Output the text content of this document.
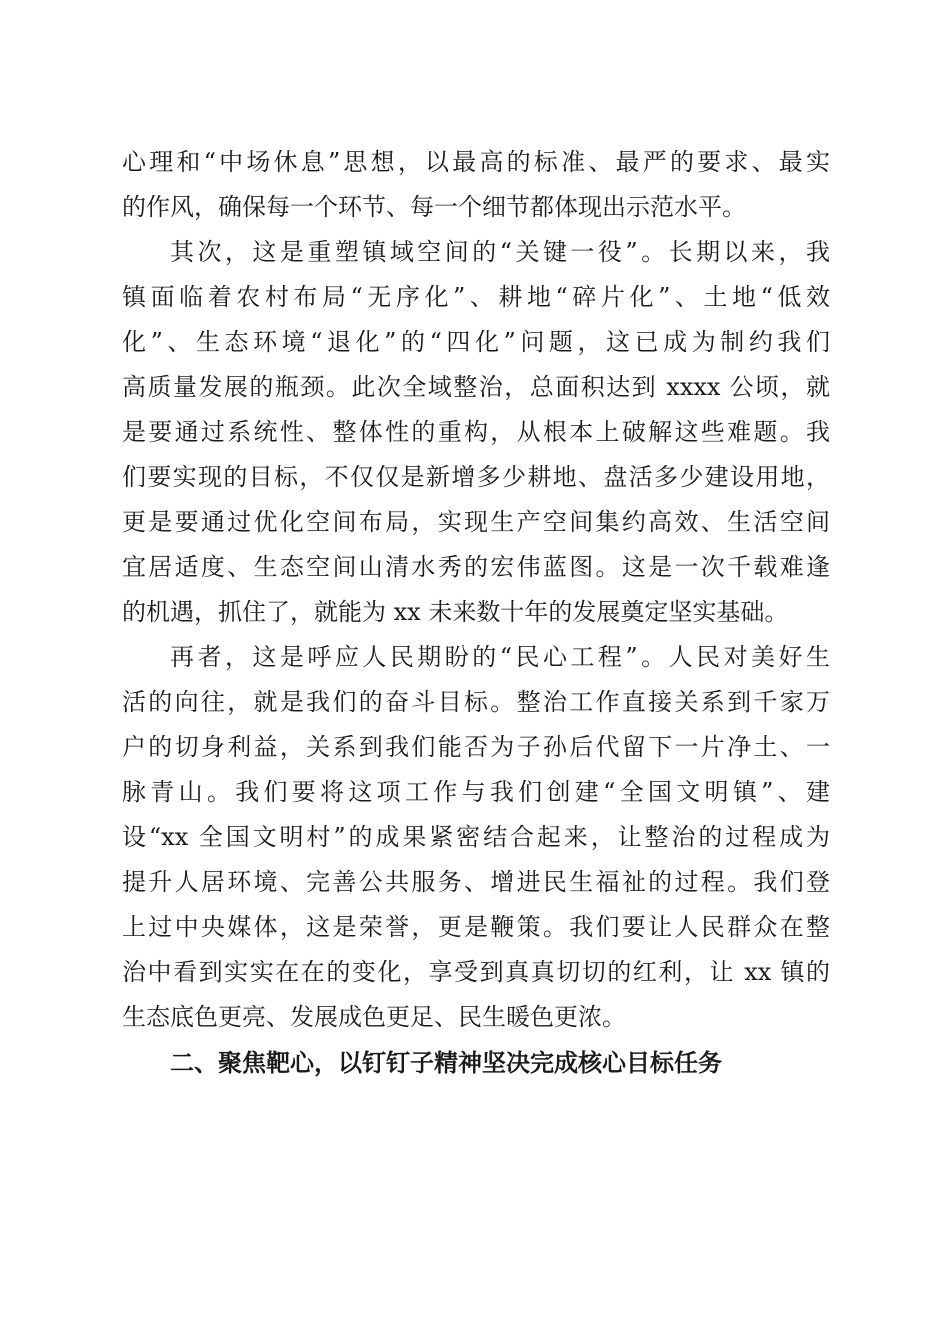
心理和“中场休息”思想，以最高的标准、最严的要求、最实
的作风，确保每一个环节、每一个细节都体现出示范水平。
其次，这是重塑镇域空间的“关键一役”。长期以来，我
镇面临着农村布局“无序化”、耕地“碎片化”、土地“低效
化”、生态环境“退化”的“四化”问题，这已成为制约我们
高质量发展的瓶颈。此次全域整治，总面积达到 xxxx 公顷，就
是要通过系统性、整体性的重构，从根本上破解这些难题。我
们要实现的目标，不仅仅是新增多少耕地、盘活多少建设用地，
更是要通过优化空间布局，实现生产空间集约高效、生活空间
宜居适度、生态空间山清水秀的宏伟蓝图。这是一次千载难逢
的机遇，抓住了，就能为 xx 未来数十年的发展奠定坚实基础。
再者，这是呼应人民期盼的“民心工程”。人民对美好生
活的向往，就是我们的奋斗目标。整治工作直接关系到千家万
户的切身利益，关系到我们能否为子孙后代留下一片净土、一
脉青山。我们要将这项工作与我们创建“全国文明镇”、建
设“xx 全国文明村”的成果紧密结合起来，让整治的过程成为
提升人居环境、完善公共服务、增进民生福祉的过程。我们登
上过中央媒体，这是荣誉，更是鞭策。我们要让人民群众在整
治中看到实实在在的变化，享受到真真切切的红利，让 xx 镇的
生态底色更亮、发展成色更足、民生暖色更浓。
二、聚焦靶心，以钉钉子精神坚决完成核心目标任务
